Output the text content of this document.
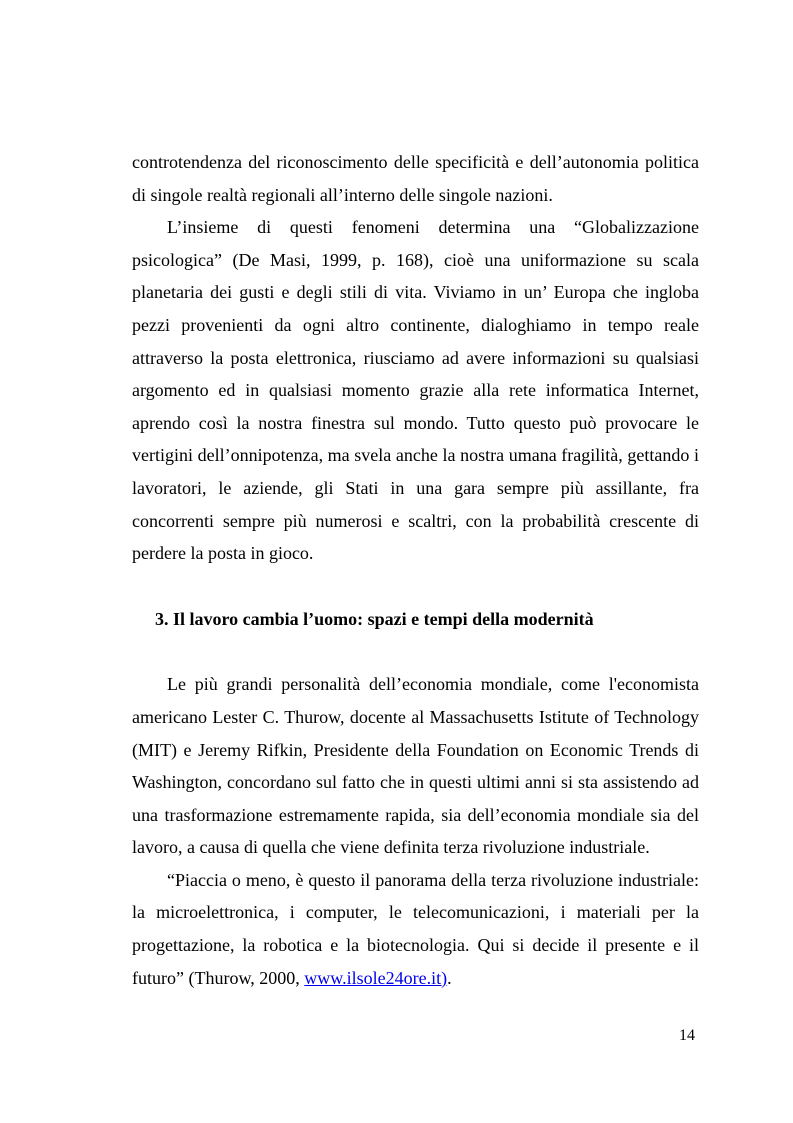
controtendenza del riconoscimento delle specificità e dell’autonomia politica di singole realtà regionali all’interno delle singole nazioni.

L’insieme di questi fenomeni determina una “Globalizzazione psicologica” (De Masi, 1999, p. 168), cioè una uniformazione su scala planetaria dei gusti e degli stili di vita. Viviamo in un’ Europa che ingloba pezzi provenienti da ogni altro continente, dialoghiamo in tempo reale attraverso la posta elettronica, riusciamo ad avere informazioni su qualsiasi argomento ed in qualsiasi momento grazie alla rete informatica Internet, aprendo così la nostra finestra sul mondo. Tutto questo può provocare le vertigini dell’onnipotenza, ma svela anche la nostra umana fragilità, gettando i lavoratori, le aziende, gli Stati in una gara sempre più assillante, fra concorrenti sempre più numerosi e scaltri, con la probabilità crescente di perdere la posta in gioco.

3. Il lavoro cambia l’uomo: spazi e tempi della modernità

Le più grandi personalità dell’economia mondiale, come l'economista americano Lester C. Thurow, docente al Massachusetts Istitute of Technology (MIT) e Jeremy Rifkin, Presidente della Foundation on Economic Trends di Washington, concordano sul fatto che in questi ultimi anni si sta assistendo ad una trasformazione estremamente rapida, sia dell’economia mondiale sia del lavoro, a causa di quella che viene definita terza rivoluzione industriale.

“Piaccia o meno, è questo il panorama della terza rivoluzione industriale: la microelettronica, i computer, le telecomunicazioni, i materiali per la progettazione, la robotica e la biotecnologia. Qui si decide il presente e il futuro” (Thurow, 2000, www.ilsole24ore.it).

14
